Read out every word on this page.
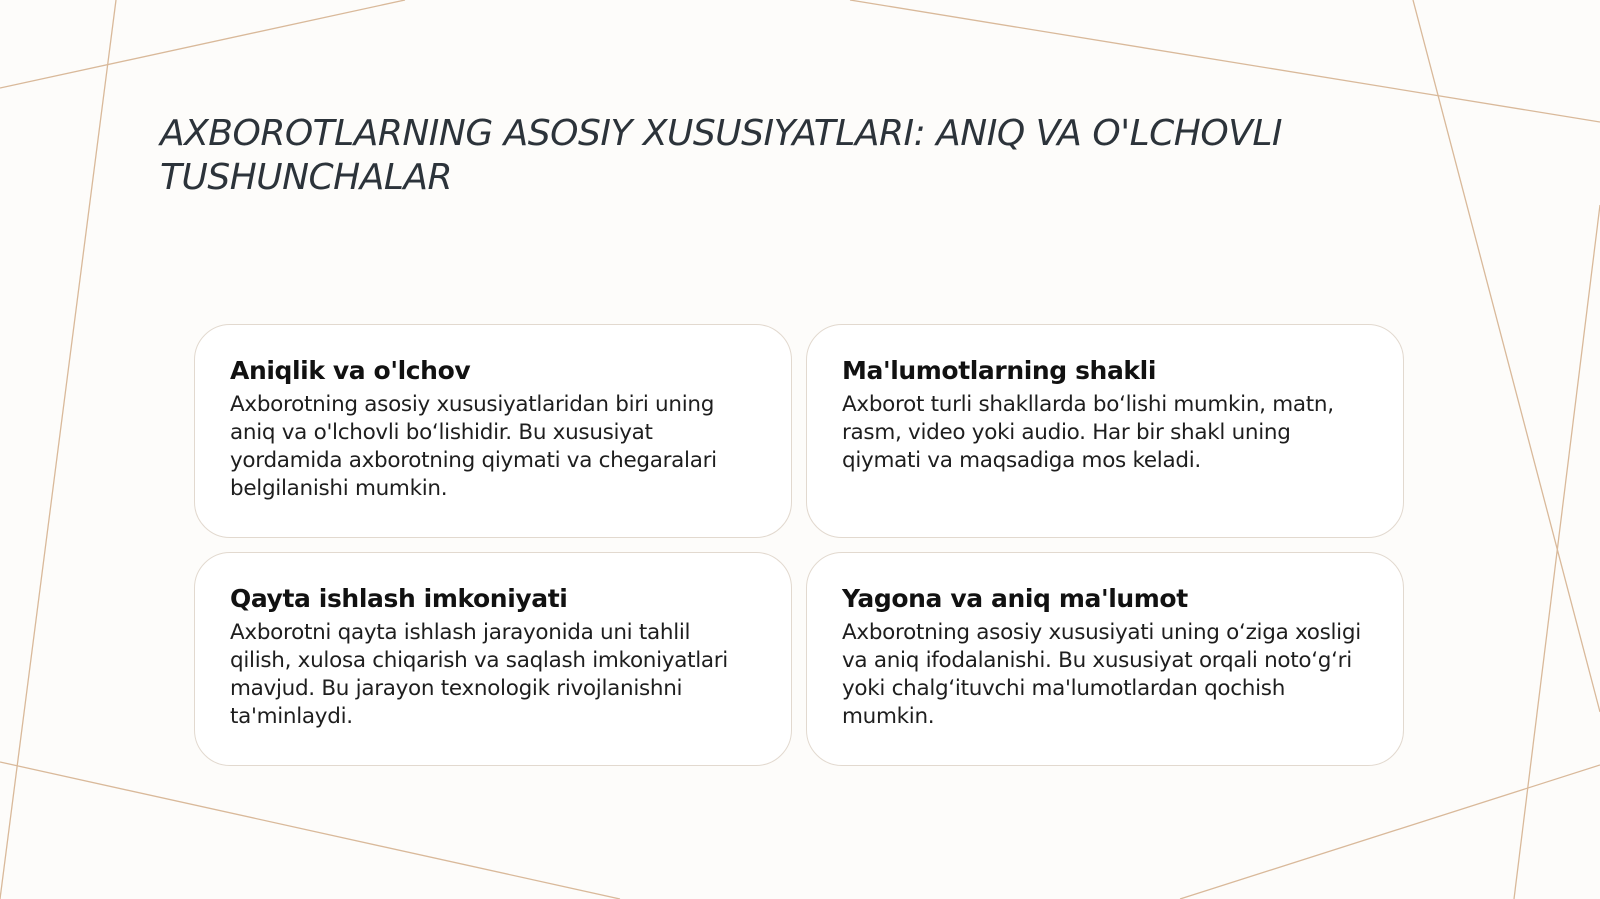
AXBOROTLARNING ASOSIY XUSUSIYATLARI: ANIQ VA O'LCHOVLI TUSHUNCHALAR
Aniqlik va o'lchov

Axborotning asosiy xususiyatlaridan biri uning aniq va o'lchovli boʻlishidir. Bu xususiyat yordamida axborotning qiymati va chegaralari belgilanishi mumkin.

Ma'lumotlarning shakli

Axborot turli shakllarda boʻlishi mumkin, matn, rasm, video yoki audio. Har bir shakl uning qiymati va maqsadiga mos keladi.

Qayta ishlash imkoniyati

Axborotni qayta ishlash jarayonida uni tahlil qilish, xulosa chiqarish va saqlash imkoniyatlari mavjud. Bu jarayon texnologik rivojlanishni ta'minlaydi.

Yagona va aniq ma'lumot

Axborotning asosiy xususiyati uning oʻziga xosligi va aniq ifodalanishi. Bu xususiyat orqali notoʻgʻri yoki chalgʻituvchi ma'lumotlardan qochish mumkin.
